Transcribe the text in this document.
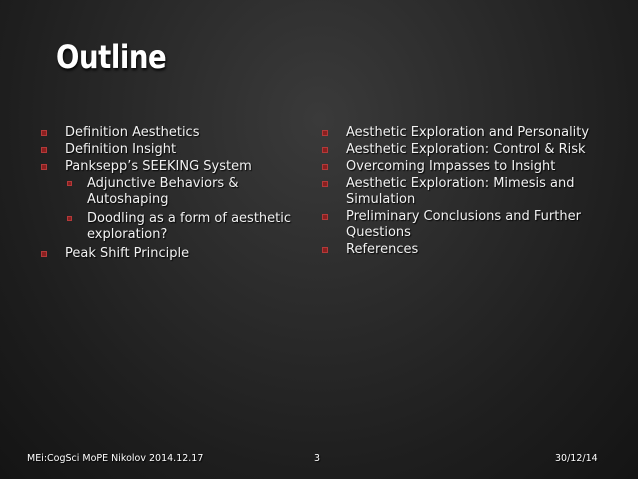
Outline
Definition Aesthetics
Definition Insight
Panksepp’s SEEKING System
Adjunctive Behaviors & Autoshaping
Doodling as a form of aesthetic exploration?
Peak Shift Principle
Aesthetic Exploration and Personality
Aesthetic Exploration: Control & Risk
Overcoming Impasses to Insight
Aesthetic Exploration: Mimesis and Simulation
Preliminary Conclusions and Further Questions
References
MEi:CogSci MoPE Nikolov 2014.12.17	3	30/12/14
